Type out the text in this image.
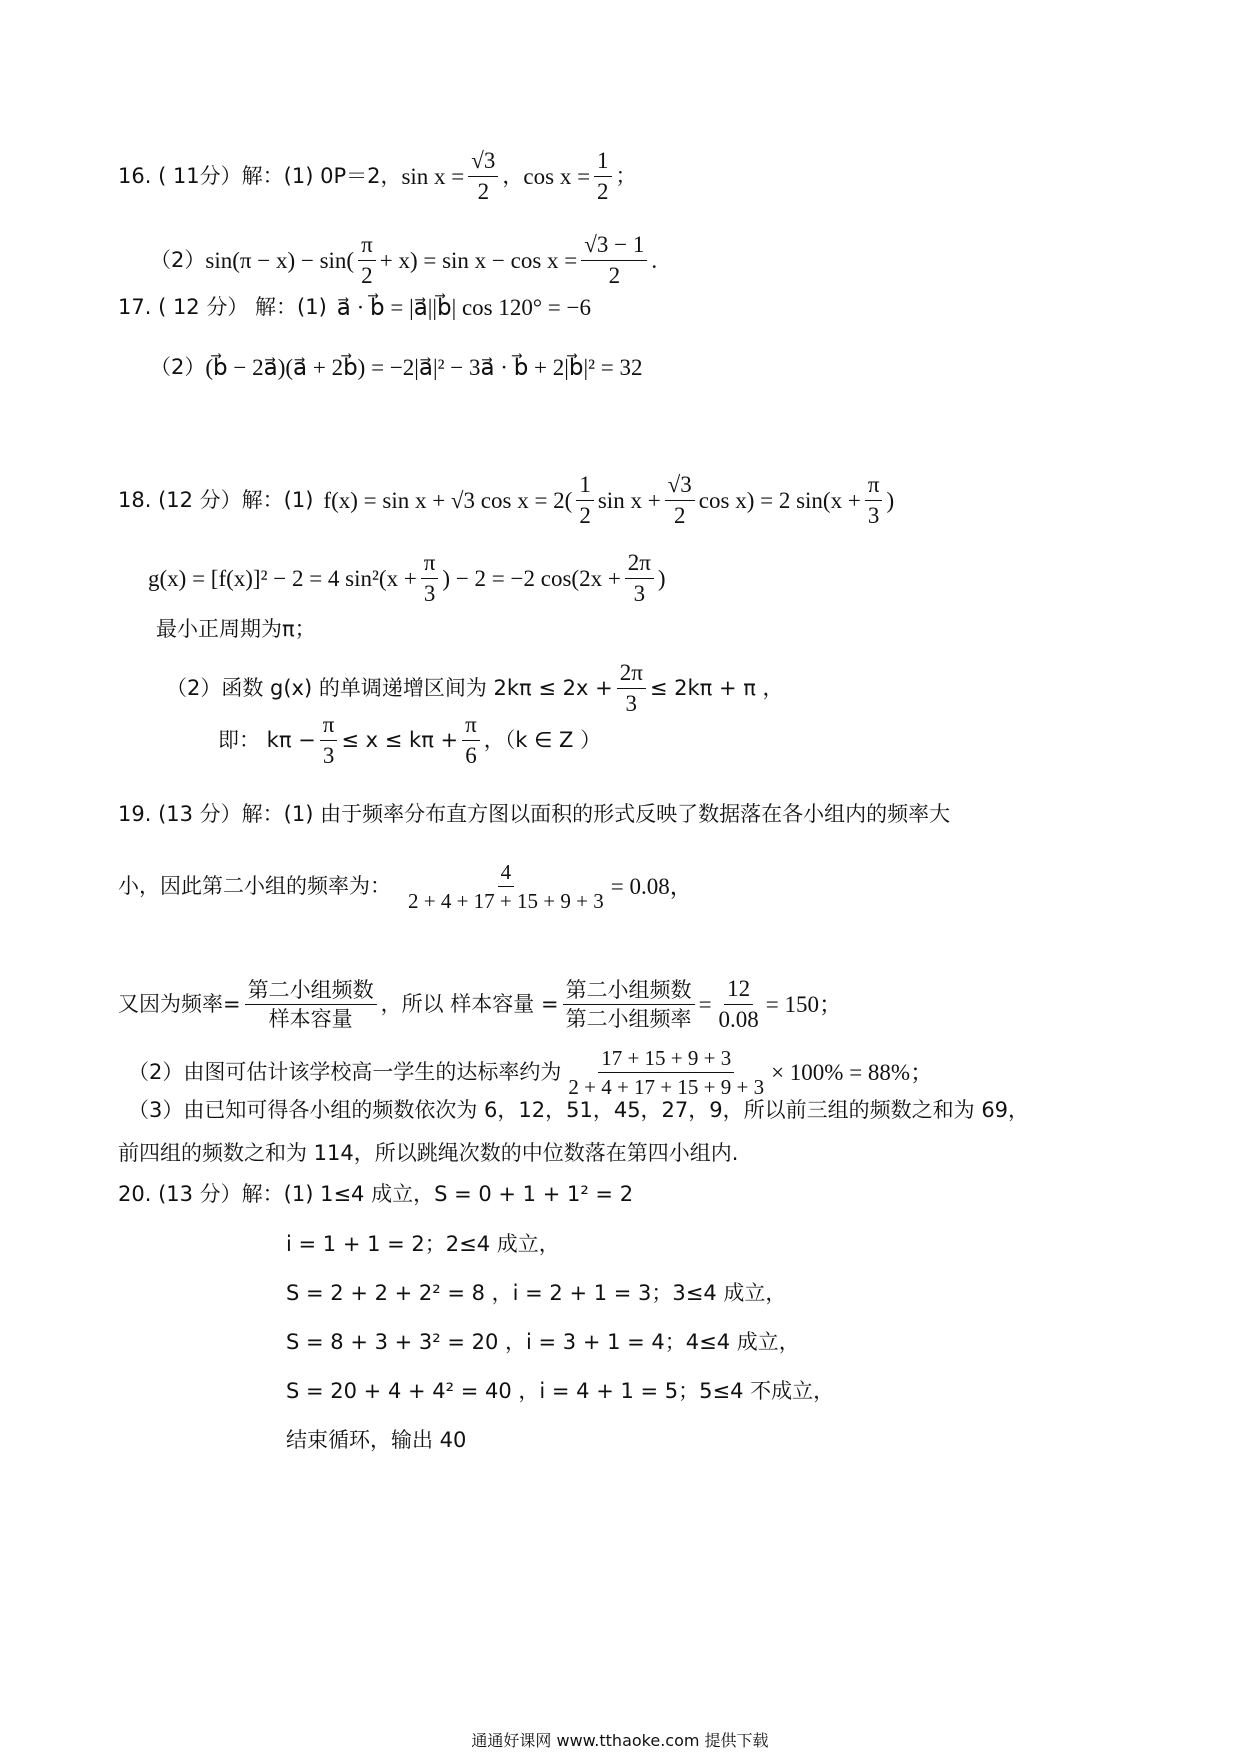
16. ( 11分）解：(1) 0P＝2， $\sin x = \frac{√3}{2}$ ， $\cos x = \frac{1}{2}$ ；
（2） $\sin(\pi - x) - \sin( \frac{\pi}{2} + x) = \sin x - \cos x = \frac{√3 - 1}{2}$ .
17. ( 12 分） 解：(1) a⃗ · b⃗ = |a⃗||b⃗| cos 120° = −6
（2） (b⃗ − 2a⃗)(a⃗ + 2b⃗) = −2|a⃗|² − 3a⃗ · b⃗ + 2|b⃗|² = 32
18. (12 分）解：(1) f(x) = sin x + √3 $\cos x = 2( \frac{1}{2}$ $\sin x + \frac{√3}{2}$ cos x) = 2 $\sin(x + \frac{\pi}{3}$ )
g(x) = [f(x)]² − 2 = 4 $\sin^2(x + \frac{\pi}{3}$ ) − 2 = −2 $\cos(2x + \frac{2\pi}{3}$ )
最小正周期为π；
（2）函数 g(x) 的单调递增区间为 $2k\pi \le 2x + \frac{2\pi}{3} \le 2k\pi + \pi$ ，
即： $k\pi - \frac{\pi}{3} \le x \le k\pi + \frac{\pi}{6}$ ，（k ∈ Z ）
19. (13 分）解：(1) 由于频率分布直方图以面积的形式反映了数据落在各小组内的频率大
小，因此第二小组的频率为： $\frac{4}{2 + 4 + 17 + 15 + 9 + 3} = 0.08$，
又因为频率= $\frac{\text{第二小组频数}}{\text{样本容量}}$ ，所以 样本容量 = $\frac{\text{第二小组频数}}{\text{第二小组频率}} = \frac{12}{0.08} = 150$；
（2）由图可估计该学校高一学生的达标率约为 $\frac{17 + 15 + 9 + 3}{2 + 4 + 17 + 15 + 9 + 3} \times 100\% = 88\%$；
（3）由已知可得各小组的频数依次为 6，12，51，45，27，9，所以前三组的频数之和为 69，
前四组的频数之和为 114，所以跳绳次数的中位数落在第四小组内.
20. (13 分）解：(1) 1≤4 成立，S = 0 + 1 + 1² = 2
i = 1 + 1 = 2；2≤4 成立，
S = 2 + 2 + 2² = 8 ，i = 2 + 1 = 3；3≤4 成立，
S = 8 + 3 + 3² = 20 ，i = 3 + 1 = 4；4≤4 成立，
S = 20 + 4 + 4² = 40 ，i = 4 + 1 = 5；5≤4 不成立，
结束循环，输出 40
通通好课网 www.tthaoke.com 提供下载
